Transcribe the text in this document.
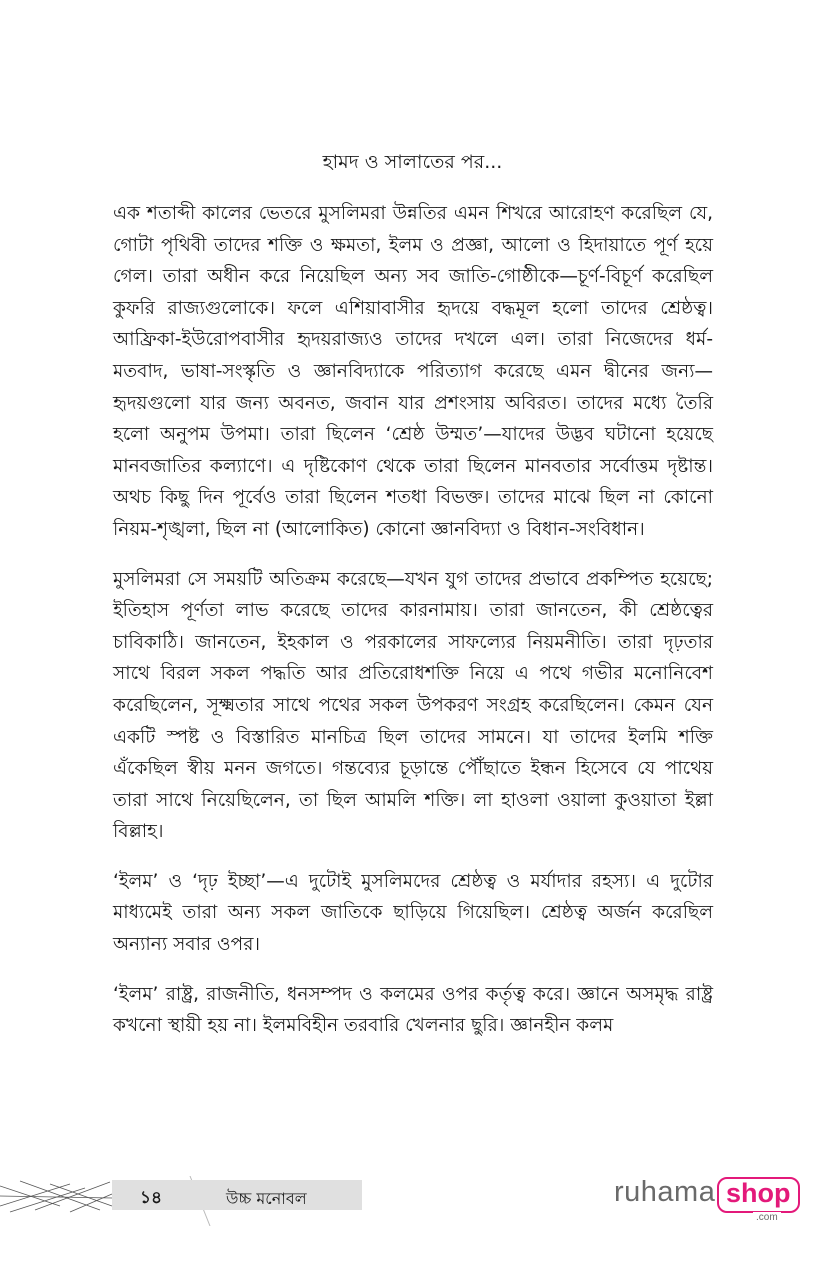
হামদ ও সালাতের পর...

এক শতাব্দী কালের ভেতরে মুসলিমরা উন্নতির এমন শিখরে আরোহণ করেছিল যে, গোটা পৃথিবী তাদের শক্তি ও ক্ষমতা, ইলম ও প্রজ্ঞা, আলো ও হিদায়াতে পূর্ণ হয়ে গেল। তারা অধীন করে নিয়েছিল অন্য সব জাতি-গোষ্ঠীকে—চূর্ণ-বিচূর্ণ করেছিল কুফরি রাজ্যগুলোকে। ফলে এশিয়াবাসীর হৃদয়ে বদ্ধমূল হলো তাদের শ্রেষ্ঠত্ব। আফ্রিকা-ইউরোপবাসীর হৃদয়রাজ্যও তাদের দখলে এল। তারা নিজেদের ধর্ম-মতবাদ, ভাষা-সংস্কৃতি ও জ্ঞানবিদ্যাকে পরিত্যাগ করেছে এমন দ্বীনের জন্য—হৃদয়গুলো যার জন্য অবনত, জবান যার প্রশংসায় অবিরত। তাদের মধ্যে তৈরি হলো অনুপম উপমা। তারা ছিলেন ‘শ্রেষ্ঠ উম্মত’—যাদের উদ্ভব ঘটানো হয়েছে মানবজাতির কল্যাণে। এ দৃষ্টিকোণ থেকে তারা ছিলেন মানবতার সর্বোত্তম দৃষ্টান্ত। অথচ কিছু দিন পূর্বেও তারা ছিলেন শতধা বিভক্ত। তাদের মাঝে ছিল না কোনো নিয়ম-শৃঙ্খলা, ছিল না (আলোকিত) কোনো জ্ঞানবিদ্যা ও বিধান-সংবিধান।

মুসলিমরা সে সময়টি অতিক্রম করেছে—যখন যুগ তাদের প্রভাবে প্রকম্পিত হয়েছে; ইতিহাস পূর্ণতা লাভ করেছে তাদের কারনামায়। তারা জানতেন, কী শ্রেষ্ঠত্বের চাবিকাঠি। জানতেন, ইহকাল ও পরকালের সাফল্যের নিয়মনীতি। তারা দৃঢ়তার সাথে বিরল সকল পদ্ধতি আর প্রতিরোধশক্তি নিয়ে এ পথে গভীর মনোনিবেশ করেছিলেন, সূক্ষ্মতার সাথে পথের সকল উপকরণ সংগ্রহ করেছিলেন। কেমন যেন একটি স্পষ্ট ও বিস্তারিত মানচিত্র ছিল তাদের সামনে। যা তাদের ইলমি শক্তি এঁকেছিল স্বীয় মনন জগতে। গন্তব্যের চূড়ান্তে পৌঁছাতে ইন্ধন হিসেবে যে পাথেয় তারা সাথে নিয়েছিলেন, তা ছিল আমলি শক্তি। লা হাওলা ওয়ালা কুওয়াতা ইল্লা বিল্লাহ।

‘ইলম’ ও ‘দৃঢ় ইচ্ছা’—এ দুটোই মুসলিমদের শ্রেষ্ঠত্ব ও মর্যাদার রহস্য। এ দুটোর মাধ্যমেই তারা অন্য সকল জাতিকে ছাড়িয়ে গিয়েছিল। শ্রেষ্ঠত্ব অর্জন করেছিল অন্যান্য সবার ওপর।

‘ইলম’ রাষ্ট্র, রাজনীতি, ধনসম্পদ ও কলমের ওপর কর্তৃত্ব করে। জ্ঞানে অসমৃদ্ধ রাষ্ট্র কখনো স্থায়ী হয় না। ইলমবিহীন তরবারি খেলনার ছুরি। জ্ঞানহীন কলম

১৪	উচ্চ মনোবল	ruhama shop
.com
